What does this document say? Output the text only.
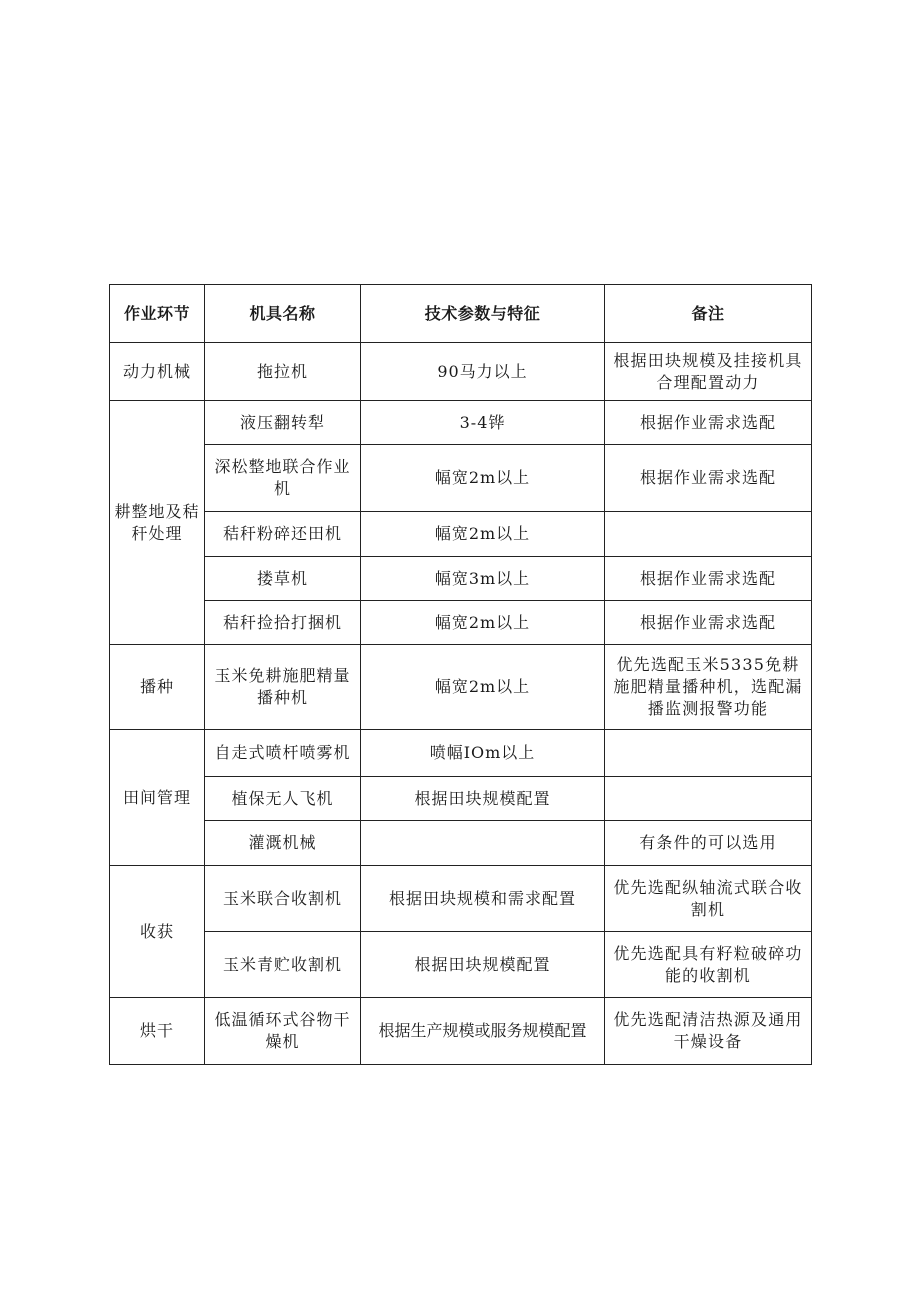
作业环节	机具名称	技术参数与特征	备注
动力机械	拖拉机	90马力以上	根据田块规模及挂接机具合理配置动力
耕整地及秸秆处理	液压翻转犁	3-4铧	根据作业需求选配
	深松整地联合作业机	幅宽2m以上	根据作业需求选配
	秸秆粉碎还田机	幅宽2m以上	
	搂草机	幅宽3m以上	根据作业需求选配
	秸秆捡拾打捆机	幅宽2m以上	根据作业需求选配
播种	玉米免耕施肥精量播种机	幅宽2m以上	优先选配玉米5335免耕施肥精量播种机，选配漏播监测报警功能
田间管理	自走式喷杆喷雾机	喷幅IOm以上	
	植保无人飞机	根据田块规模配置	
	灌溉机械		有条件的可以选用
收获	玉米联合收割机	根据田块规模和需求配置	优先选配纵轴流式联合收割机
	玉米青贮收割机	根据田块规模配置	优先选配具有籽粒破碎功能的收割机
烘干	低温循环式谷物干燥机	根据生产规模或服务规模配置	优先选配清洁热源及通用干燥设备
